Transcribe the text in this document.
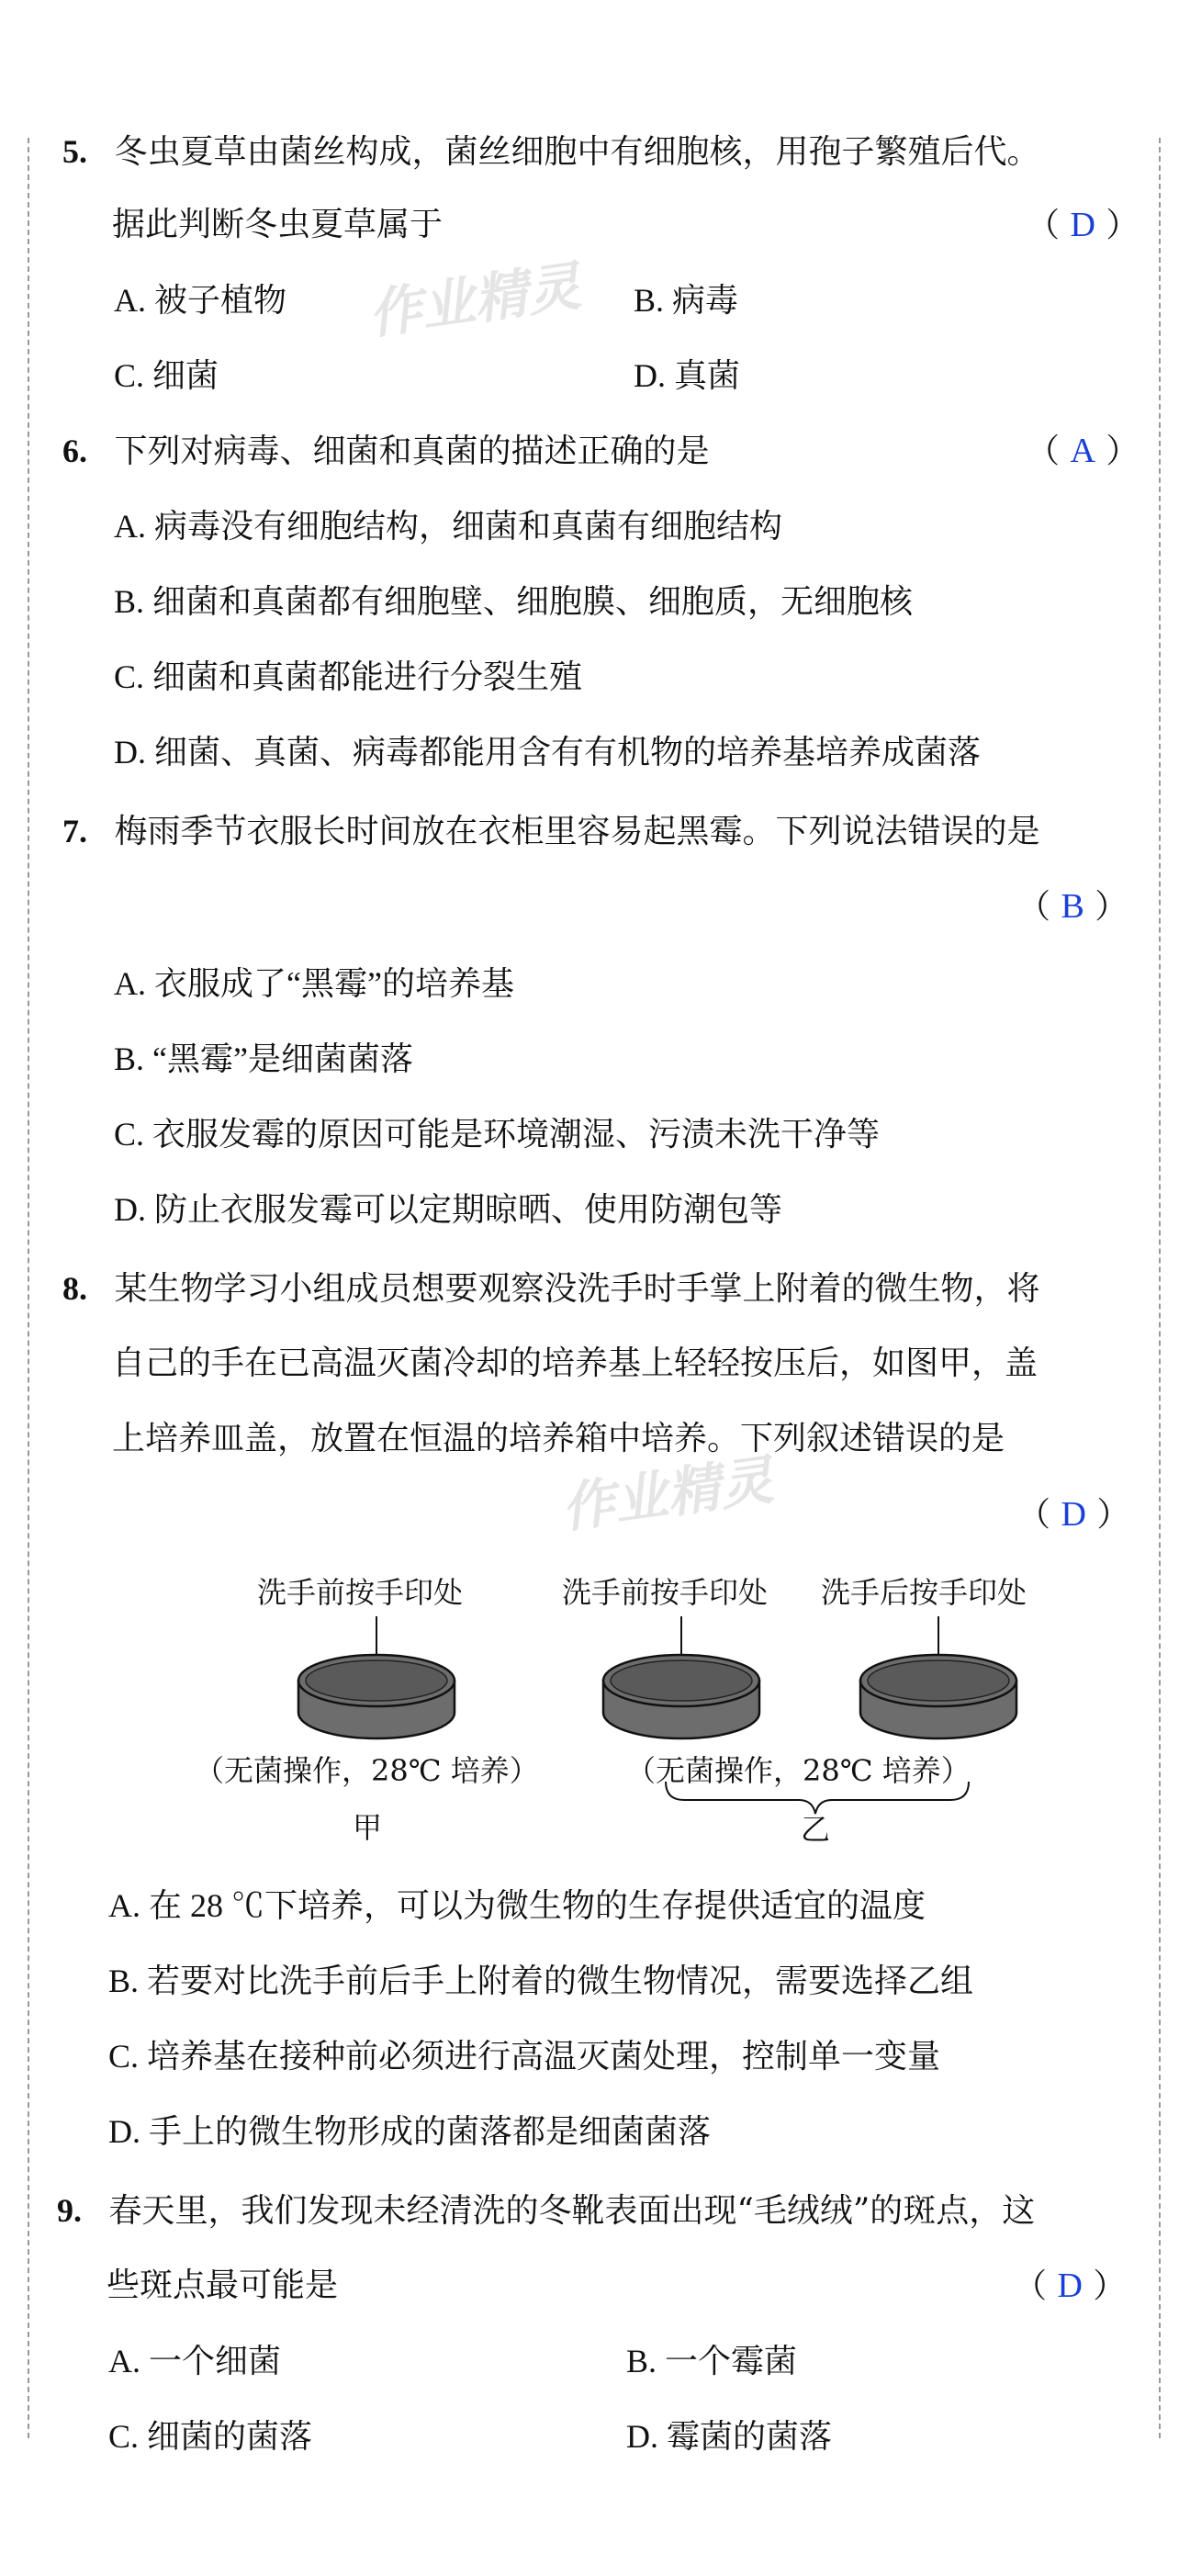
作业精灵
作业精灵
5. 冬虫夏草由菌丝构成，菌丝细胞中有细胞核，用孢子繁殖后代。
据此判断冬虫夏草属于	（ D ）
A. 被子植物	B. 病毒
C. 细菌	D. 真菌
6. 下列对病毒、细菌和真菌的描述正确的是	（ A ）
A. 病毒没有细胞结构，细菌和真菌有细胞结构
B. 细菌和真菌都有细胞壁、细胞膜、细胞质，无细胞核
C. 细菌和真菌都能进行分裂生殖
D. 细菌、真菌、病毒都能用含有有机物的培养基培养成菌落
7. 梅雨季节衣服长时间放在衣柜里容易起黑霉。下列说法错误的是
（ B ）
A. 衣服成了“黑霉”的培养基
B. “黑霉”是细菌菌落
C. 衣服发霉的原因可能是环境潮湿、污渍未洗干净等
D. 防止衣服发霉可以定期晾晒、使用防潮包等
8. 某生物学习小组成员想要观察没洗手时手掌上附着的微生物，将
自己的手在已高温灭菌冷却的培养基上轻轻按压后，如图甲，盖
上培养皿盖，放置在恒温的培养箱中培养。下列叙述错误的是
（ D ）
洗手前按手印处	洗手前按手印处 洗手后按手印处
（无菌操作，28℃ 培养）	（无菌操作，28℃ 培养）
甲	乙
A. 在 28 ℃下培养，可以为微生物的生存提供适宜的温度
B. 若要对比洗手前后手上附着的微生物情况，需要选择乙组
C. 培养基在接种前必须进行高温灭菌处理，控制单一变量
D. 手上的微生物形成的菌落都是细菌菌落
9. 春天里，我们发现未经清洗的冬靴表面出现“毛绒绒”的斑点，这
些斑点最可能是	（ D ）
A. 一个细菌	B. 一个霉菌
C. 细菌的菌落	D. 霉菌的菌落
